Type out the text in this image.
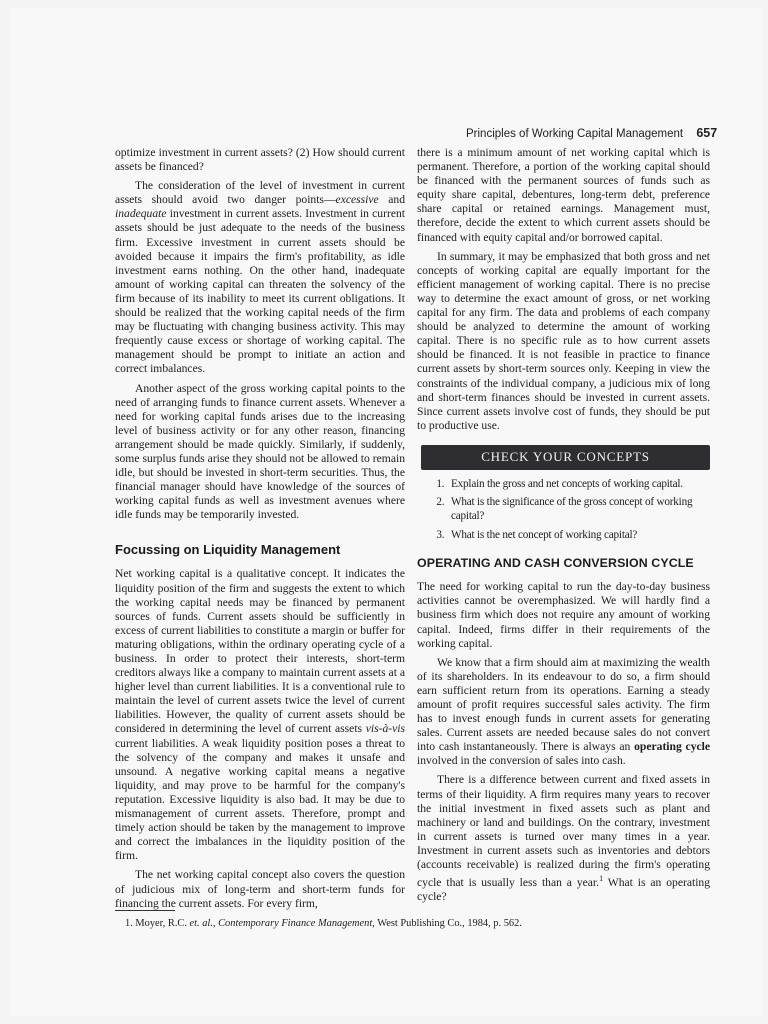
Principles of Working Capital Management 657

optimize investment in current assets? (2) How should current assets be financed?

The consideration of the level of investment in current assets should avoid two danger points—excessive and inadequate investment in current assets. Investment in current assets should be just adequate to the needs of the business firm. Excessive investment in current assets should be avoided because it impairs the firm's profitability, as idle investment earns nothing. On the other hand, inadequate amount of working capital can threaten the solvency of the firm because of its inability to meet its current obligations. It should be realized that the working capital needs of the firm may be fluctuating with changing business activity. This may frequently cause excess or shortage of working capital. The management should be prompt to initiate an action and correct imbalances.

Another aspect of the gross working capital points to the need of arranging funds to finance current assets. Whenever a need for working capital funds arises due to the increasing level of business activity or for any other reason, financing arrangement should be made quickly. Similarly, if suddenly, some surplus funds arise they should not be allowed to remain idle, but should be invested in short-term securities. Thus, the financial manager should have knowledge of the sources of working capital funds as well as investment avenues where idle funds may be temporarily invested.

Focussing on Liquidity Management

Net working capital is a qualitative concept. It indicates the liquidity position of the firm and suggests the extent to which the working capital needs may be financed by permanent sources of funds. Current assets should be sufficiently in excess of current liabilities to constitute a margin or buffer for maturing obligations, within the ordinary operating cycle of a business. In order to protect their interests, short-term creditors always like a company to maintain current assets at a higher level than current liabilities. It is a conventional rule to maintain the level of current assets twice the level of current liabilities. However, the quality of current assets should be considered in determining the level of current assets vis-à-vis current liabilities. A weak liquidity position poses a threat to the solvency of the company and makes it unsafe and unsound. A negative working capital means a negative liquidity, and may prove to be harmful for the company's reputation. Excessive liquidity is also bad. It may be due to mismanagement of current assets. Therefore, prompt and timely action should be taken by the management to improve and correct the imbalances in the liquidity position of the firm.

The net working capital concept also covers the question of judicious mix of long-term and short-term funds for financing the current assets. For every firm,

there is a minimum amount of net working capital which is permanent. Therefore, a portion of the working capital should be financed with the permanent sources of funds such as equity share capital, debentures, long-term debt, preference share capital or retained earnings. Management must, therefore, decide the extent to which current assets should be financed with equity capital and/or borrowed capital.

In summary, it may be emphasized that both gross and net concepts of working capital are equally important for the efficient management of working capital. There is no precise way to determine the exact amount of gross, or net working capital for any firm. The data and problems of each company should be analyzed to determine the amount of working capital. There is no specific rule as to how current assets should be financed. It is not feasible in practice to finance current assets by short-term sources only. Keeping in view the constraints of the individual company, a judicious mix of long and short-term finances should be invested in current assets. Since current assets involve cost of funds, they should be put to productive use.

CHECK YOUR CONCEPTS
1. Explain the gross and net concepts of working capital.
2. What is the significance of the gross concept of working capital?
3. What is the net concept of working capital?
OPERATING AND CASH CONVERSION CYCLE

The need for working capital to run the day-to-day business activities cannot be overemphasized. We will hardly find a business firm which does not require any amount of working capital. Indeed, firms differ in their requirements of the working capital.

We know that a firm should aim at maximizing the wealth of its shareholders. In its endeavour to do so, a firm should earn sufficient return from its operations. Earning a steady amount of profit requires successful sales activity. The firm has to invest enough funds in current assets for generating sales. Current assets are needed because sales do not convert into cash instantaneously. There is always an operating cycle involved in the conversion of sales into cash.

There is a difference between current and fixed assets in terms of their liquidity. A firm requires many years to recover the initial investment in fixed assets such as plant and machinery or land and buildings. On the contrary, investment in current assets is turned over many times in a year. Investment in current assets such as inventories and debtors (accounts receivable) is realized during the firm's operating cycle that is usually less than a year.$^1$ What is an operating cycle?

1. Moyer, R.C. et. al., Contemporary Finance Management, West Publishing Co., 1984, p. 562.
